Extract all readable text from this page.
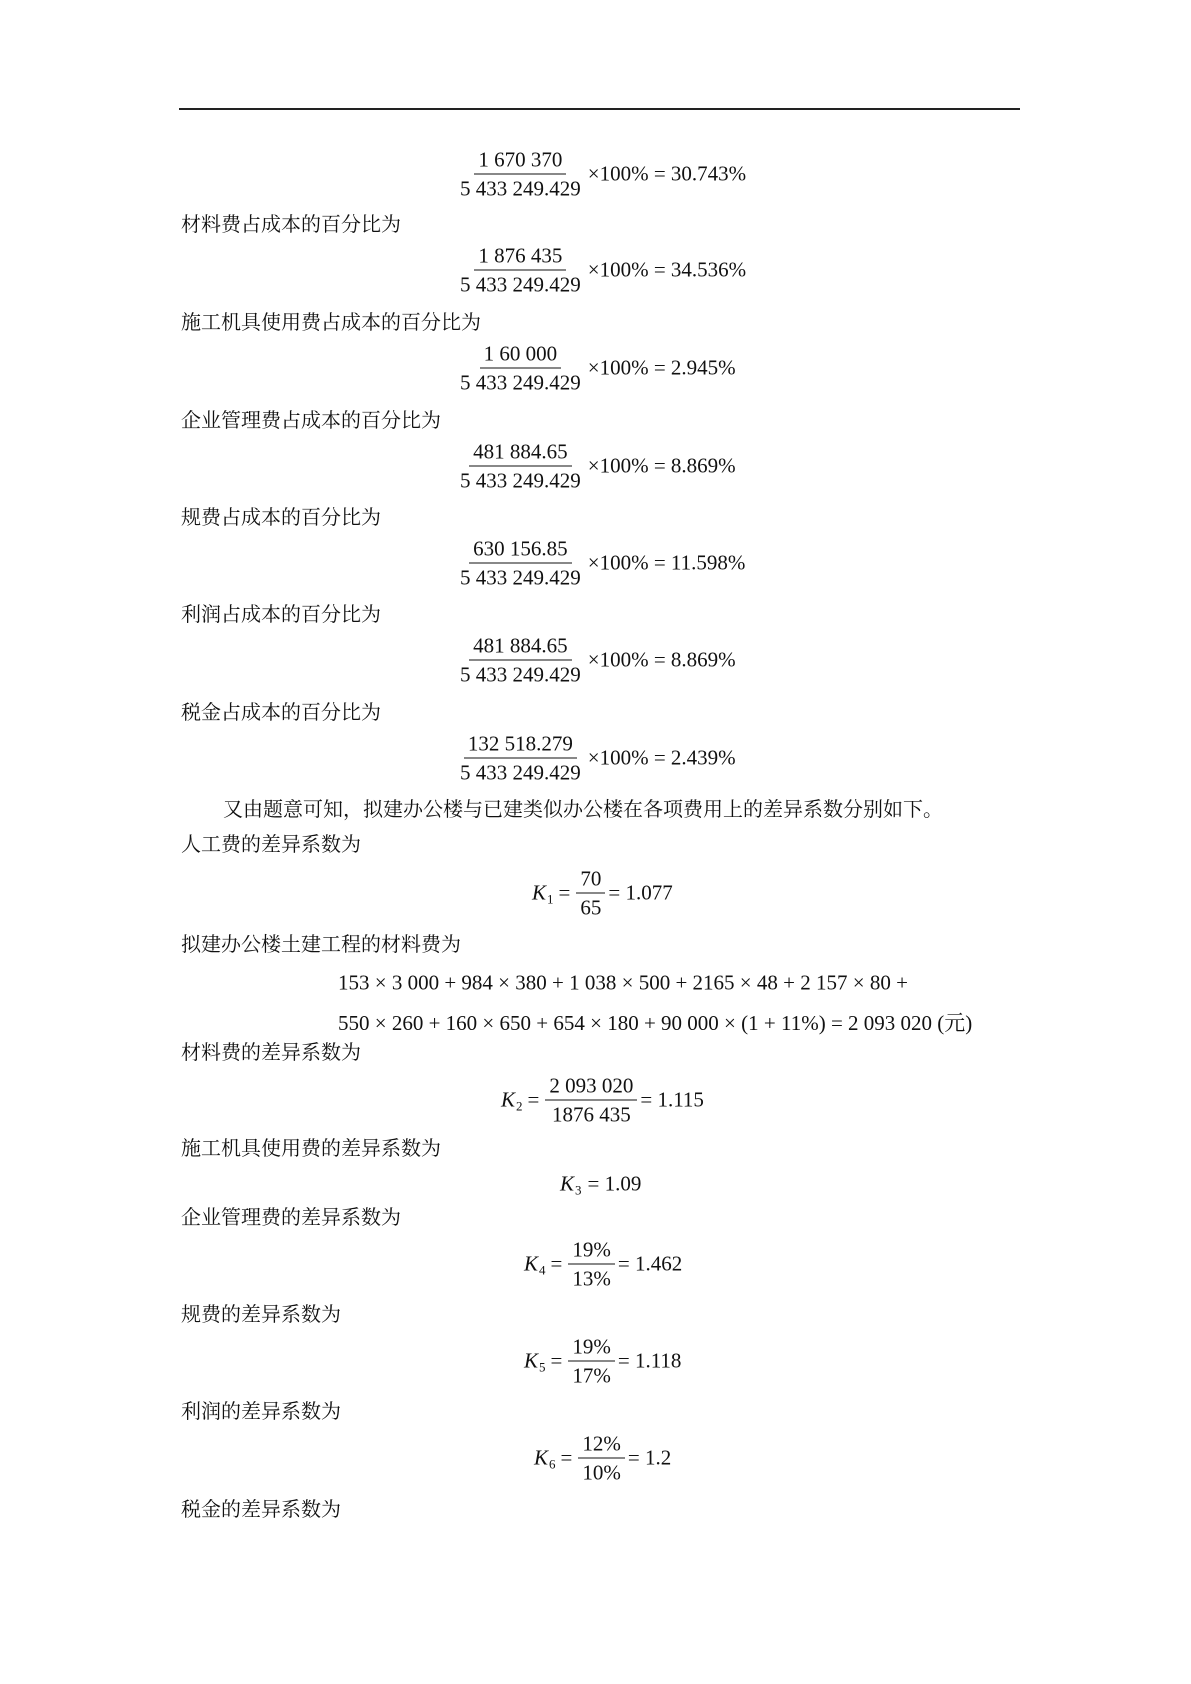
$\frac{1 670 370}{5 433 249.429} \times 100\% = 30.743\%$
材料费占成本的百分比为
$\frac{1 876 435}{5 433 249.429} \times 100\% = 34.536\%$
施工机具使用费占成本的百分比为
$\frac{1 60 000}{5 433 249.429} \times 100\% = 2.945\%$
企业管理费占成本的百分比为
$\frac{481 884.65}{5 433 249.429} \times 100\% = 8.869\%$
规费占成本的百分比为
$\frac{630 156.85}{5 433 249.429} \times 100\% = 11.598\%$
利润占成本的百分比为
$\frac{481 884.65}{5 433 249.429} \times 100\% = 8.869\%$
税金占成本的百分比为
$\frac{132 518.279}{5 433 249.429} \times 100\% = 2.439\%$
又由题意可知，拟建办公楼与已建类似办公楼在各项费用上的差异系数分别如下。
人工费的差异系数为
K $1 = \frac{70}{65} = 1.077$
拟建办公楼土建工程的材料费为
153 × 3 000 + 984 × 380 + 1 038 × 500 + 2165 × 48 + 2 157 × 80 +
550 × 260 + 160 × 650 + 654 × 180 + 90 000 × (1 + 11%) = 2 093 020 (元)
材料费的差异系数为
K $2 = \frac{2 093 020}{1876 435} = 1.115$
施工机具使用费的差异系数为
K 3 = 1.09
企业管理费的差异系数为
K $4 = \frac{19\%}{13\%} = 1.462$
规费的差异系数为
K $5 = \frac{19\%}{17\%} = 1.118$
利润的差异系数为
K $6 = \frac{12\%}{10\%} = 1.2$
税金的差异系数为
